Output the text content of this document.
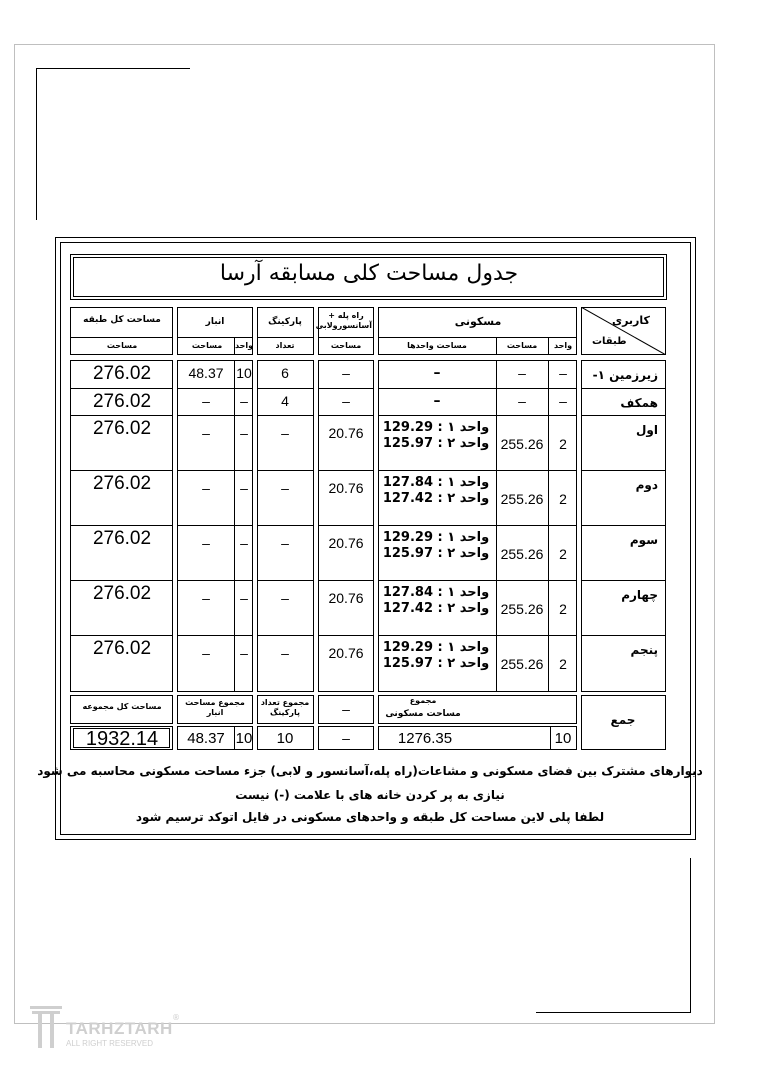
جدول مساحت کلی مسابقه آرسا
کاربری
طبقات
مسکونی
واحد
مساحت
مساحت واحدها
راه پله + آسانسورولابی
مساحت
پارکینگ
تعداد
انبار
واحد
مساحت
مساحت کل طبقه
مساحت
زیرزمین ۱-
–
–
–
–
6
10
48.37
276.02
همکف
–
–
–
–
4
–
–
276.02
اول
2
255.26
واحد ۱ : 129.29
واحد ۲ : 125.97
20.76
–
–
–
276.02
دوم
2
255.26
واحد ۱ : 127.84
واحد ۲ : 127.42
20.76
–
–
–
276.02
سوم
2
255.26
واحد ۱ : 129.29
واحد ۲ : 125.97
20.76
–
–
–
276.02
چهارم
2
255.26
واحد ۱ : 127.84
واحد ۲ : 127.42
20.76
–
–
–
276.02
پنجم
2
255.26
واحد ۱ : 129.29
واحد ۲ : 125.97
20.76
–
–
–
276.02
جمع
مجموع
مساحت مسکونی
10
1276.35
–
–
مجموع تعداد پارکینگ
10
مجموع مساحت انبار
10
48.37
مساحت کل مجموعه
1932.14
دیوارهای مشترک بین فضای مسکونی و مشاعات(راه پله،آسانسور و لابی) جزء مساحت مسکونی محاسبه می شود
نیازی به پر کردن خانه های با علامت (-) نیست
لطفا پلی لاین مساحت کل طبقه و واحدهای مسکونی در فایل اتوکد ترسیم شود
TARHZTARH
®
ALL RIGHT RESERVED
